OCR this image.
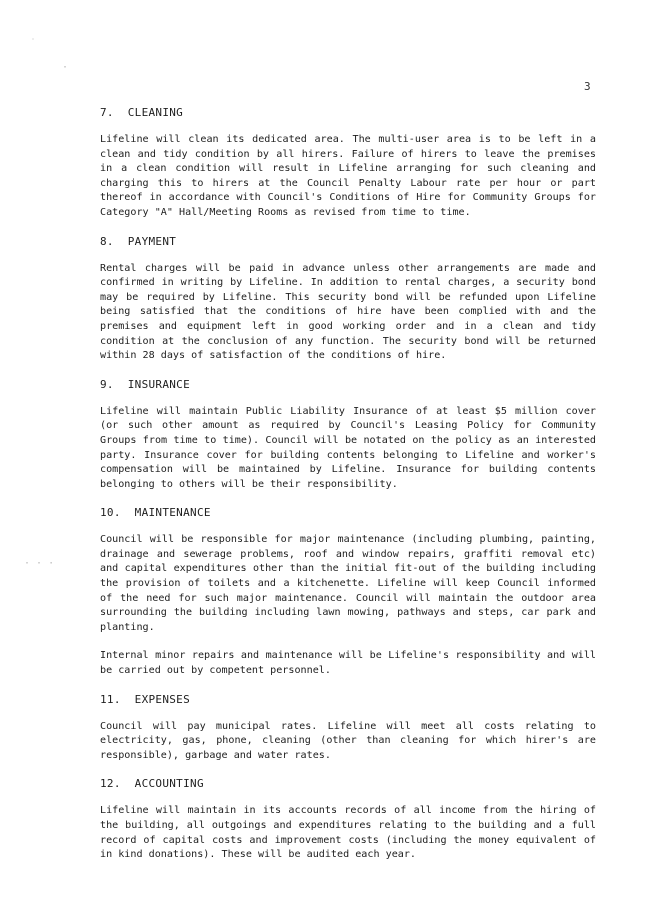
˙
·
· · ·
3
7. CLEANING

Lifeline will clean its dedicated area. The multi-user area is to be left in a clean and tidy condition by all hirers. Failure of hirers to leave the premises in a clean condition will result in Lifeline arranging for such cleaning and charging this to hirers at the Council Penalty Labour rate per hour or part thereof in accordance with Council's Conditions of Hire for Community Groups for Category "A" Hall/Meeting Rooms as revised from time to time.

8. PAYMENT

Rental charges will be paid in advance unless other arrangements are made and confirmed in writing by Lifeline. In addition to rental charges, a security bond may be required by Lifeline. This security bond will be refunded upon Lifeline being satisfied that the conditions of hire have been complied with and the premises and equipment left in good working order and in a clean and tidy condition at the conclusion of any function. The security bond will be returned within 28 days of satisfaction of the conditions of hire.

9. INSURANCE

Lifeline will maintain Public Liability Insurance of at least $5 million cover (or such other amount as required by Council's Leasing Policy for Community Groups from time to time). Council will be notated on the policy as an interested party. Insurance cover for building contents belonging to Lifeline and worker's compensation will be maintained by Lifeline. Insurance for building contents belonging to others will be their responsibility.

10. MAINTENANCE

Council will be responsible for major maintenance (including plumbing, painting, drainage and sewerage problems, roof and window repairs, graffiti removal etc) and capital expenditures other than the initial fit-out of the building including the provision of toilets and a kitchenette. Lifeline will keep Council informed of the need for such major maintenance. Council will maintain the outdoor area surrounding the building including lawn mowing, pathways and steps, car park and planting.

Internal minor repairs and maintenance will be Lifeline's responsibility and will be carried out by competent personnel.

11. EXPENSES

Council will pay municipal rates. Lifeline will meet all costs relating to electricity, gas, phone, cleaning (other than cleaning for which hirer's are responsible), garbage and water rates.

12. ACCOUNTING

Lifeline will maintain in its accounts records of all income from the hiring of the building, all outgoings and expenditures relating to the building and a full record of capital costs and improvement costs (including the money equivalent of in kind donations). These will be audited each year.
